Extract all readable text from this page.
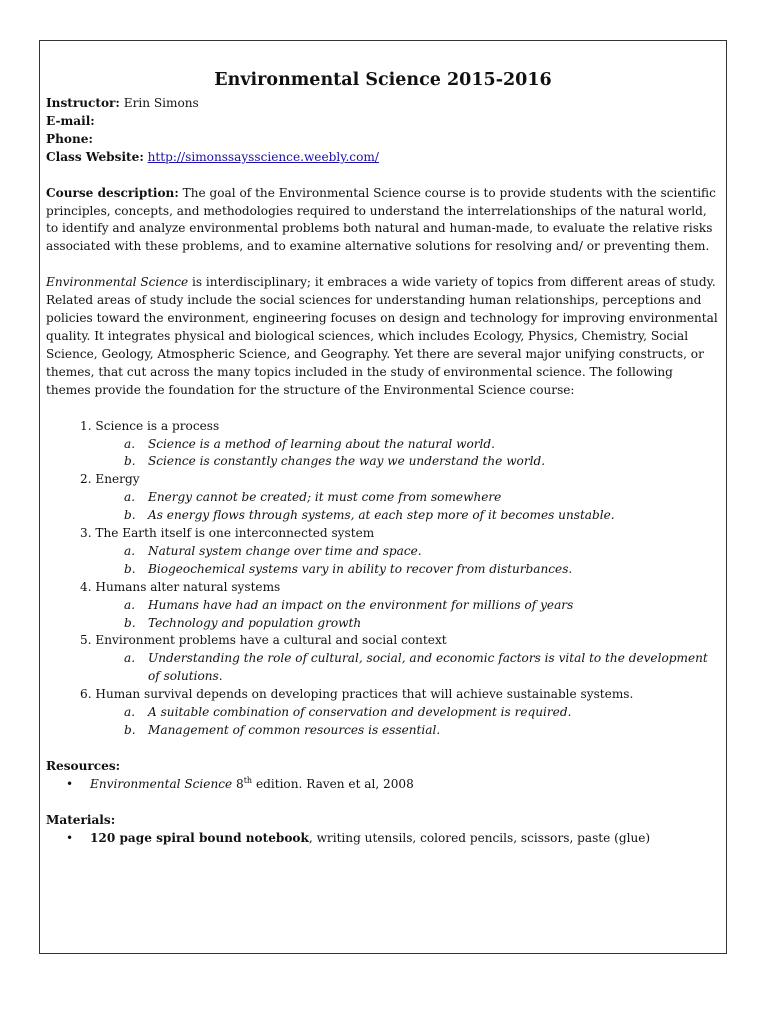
Environmental Science 2015-2016
Instructor: Erin Simons
E-mail:
Phone:
Class Website: http://simonssaysscience.weebly.com/

Course description: The goal of the Environmental Science course is to provide students with the scientific principles, concepts, and methodologies required to understand the interrelationships of the natural world, to identify and analyze environmental problems both natural and human-made, to evaluate the relative risks associated with these problems, and to examine alternative solutions for resolving and/ or preventing them.

Environmental Science is interdisciplinary; it embraces a wide variety of topics from different areas of study. Related areas of study include the social sciences for understanding human relationships, perceptions and policies toward the environment, engineering focuses on design and technology for improving environmental quality. It integrates physical and biological sciences, which includes Ecology, Physics, Chemistry, Social Science, Geology, Atmospheric Science, and Geography. Yet there are several major unifying constructs, or themes, that cut across the many topics included in the study of environmental science. The following themes provide the foundation for the structure of the Environmental Science course:

1. Science is a process
a. Science is a method of learning about the natural world.
b. Science is constantly changes the way we understand the world.
2. Energy
a. Energy cannot be created; it must come from somewhere
b. As energy flows through systems, at each step more of it becomes unstable.
3. The Earth itself is one interconnected system
a. Natural system change over time and space.
b. Biogeochemical systems vary in ability to recover from disturbances.
4. Humans alter natural systems
a. Humans have had an impact on the environment for millions of years
b. Technology and population growth
5. Environment problems have a cultural and social context
a. Understanding the role of cultural, social, and economic factors is vital to the development of solutions.
6. Human survival depends on developing practices that will achieve sustainable systems.
a. A suitable combination of conservation and development is required.
b. Management of common resources is essential.
Resources:
• Environmental Science 8th edition. Raven et al, 2008
Materials:
• 120 page spiral bound notebook, writing utensils, colored pencils, scissors, paste (glue)
